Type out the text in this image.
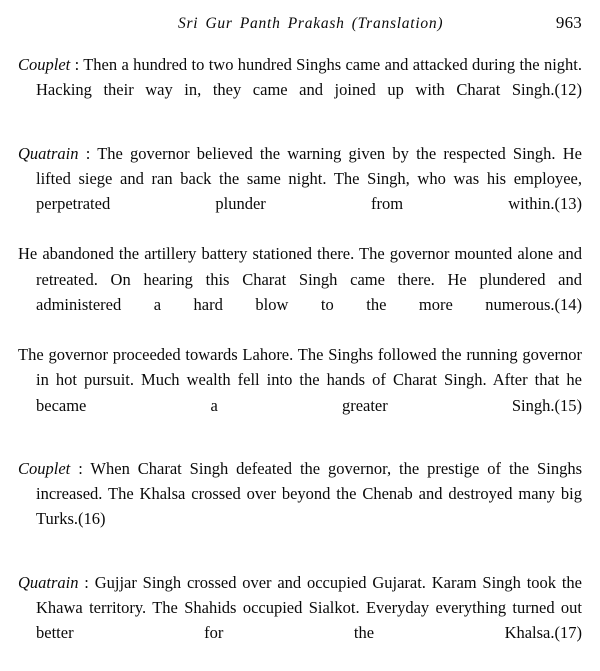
Sri Gur Panth Prakash (Translation)	963

Couplet : Then a hundred to two hundred Singhs came and attacked during the night. Hacking their way in, they came and joined up with Charat Singh.(12)

Quatrain : The governor believed the warning given by the respected Singh. He lifted siege and ran back the same night. The Singh, who was his employee, perpetrated plunder from within.(13)

He abandoned the artillery battery stationed there. The governor mounted alone and retreated. On hearing this Charat Singh came there. He plundered and administered a hard blow to the more numerous.(14)

The governor proceeded towards Lahore. The Singhs followed the running governor in hot pursuit. Much wealth fell into the hands of Charat Singh. After that he became a greater Singh.(15)

Couplet : When Charat Singh defeated the governor, the prestige of the Singhs increased. The Khalsa crossed over beyond the Chenab and destroyed many big Turks.(16)

Quatrain : Gujjar Singh crossed over and occupied Gujarat. Karam Singh took the Khawa territory. The Shahids occupied Sialkot. Everyday everything turned out better for the Khalsa.(17)
